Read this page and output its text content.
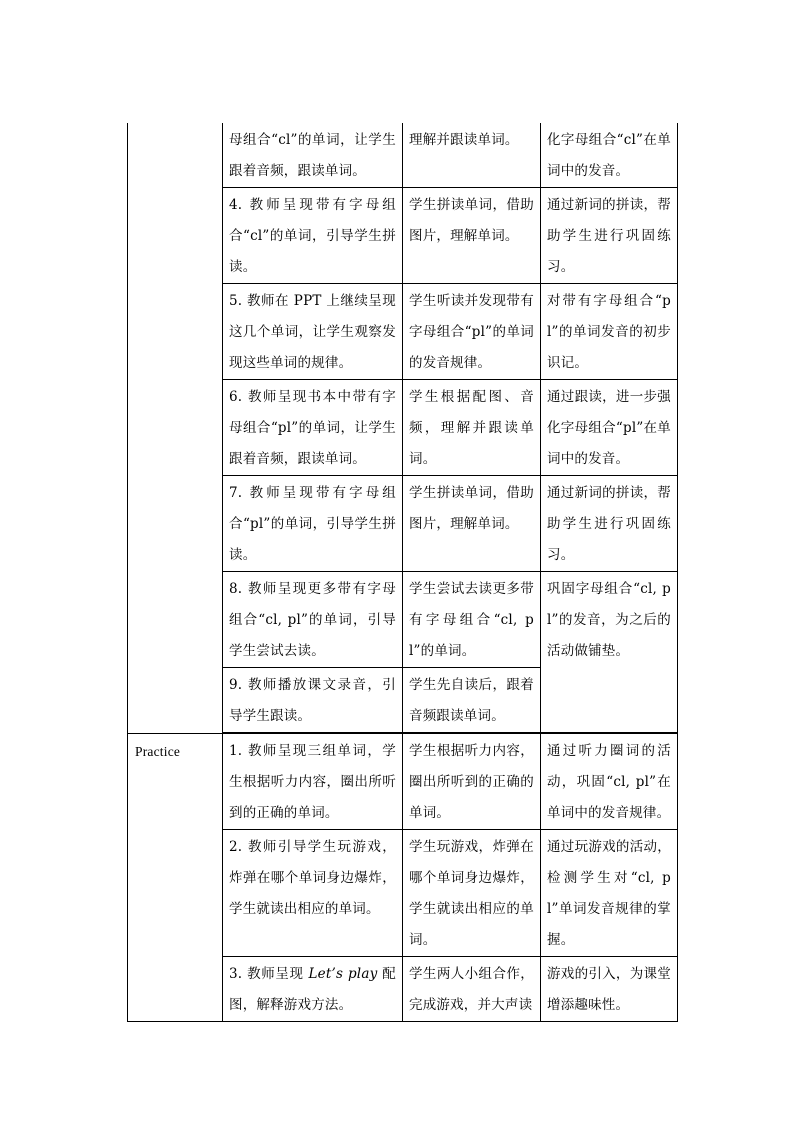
	母组合“cl”的单词，让学生跟着音频，跟读单词。	理解并跟读单词。	化字母组合“cl”在单词中的发音。
	4. 教师呈现带有字母组合“cl”的单词，引导学生拼读。	学生拼读单词，借助图片，理解单词。	通过新词的拼读，帮助学生进行巩固练习。
	5. 教师在 PPT 上继续呈现这几个单词，让学生观察发现这些单词的规律。	学生听读并发现带有字母组合“pl”的单词的发音规律。	对带有字母组合“pl”的单词发音的初步识记。
	6. 教师呈现书本中带有字母组合“pl”的单词，让学生跟着音频，跟读单词。	学生根据配图、音频，理解并跟读单词。	通过跟读，进一步强化字母组合“pl”在单词中的发音。
	7. 教师呈现带有字母组合“pl”的单词，引导学生拼读。	学生拼读单词，借助图片，理解单词。	通过新词的拼读，帮助学生进行巩固练习。
	8. 教师呈现更多带有字母组合“cl, pl”的单词，引导学生尝试去读。	学生尝试去读更多带有字母组合“cl, pl”的单词。	巩固字母组合“cl, pl”的发音，为之后的活动做铺垫。
	9. 教师播放课文录音，引导学生跟读。	学生先自读后，跟着音频跟读单词。	

Practice	1. 教师呈现三组单词，学生根据听力内容，圈出所听到的正确的单词。	学生根据听力内容，圈出所听到的正确的单词。	通过听力圈词的活动，巩固“cl, pl”在单词中的发音规律。
	2. 教师引导学生玩游戏，炸弹在哪个单词身边爆炸，学生就读出相应的单词。	学生玩游戏，炸弹在哪个单词身边爆炸，学生就读出相应的单词。	通过玩游戏的活动，检测学生对“cl, pl”单词发音规律的掌握。
	3. 教师呈现 Let’s play 配图，解释游戏方法。	学生两人小组合作，完成游戏，并大声读	游戏的引入，为课堂增添趣味性。
